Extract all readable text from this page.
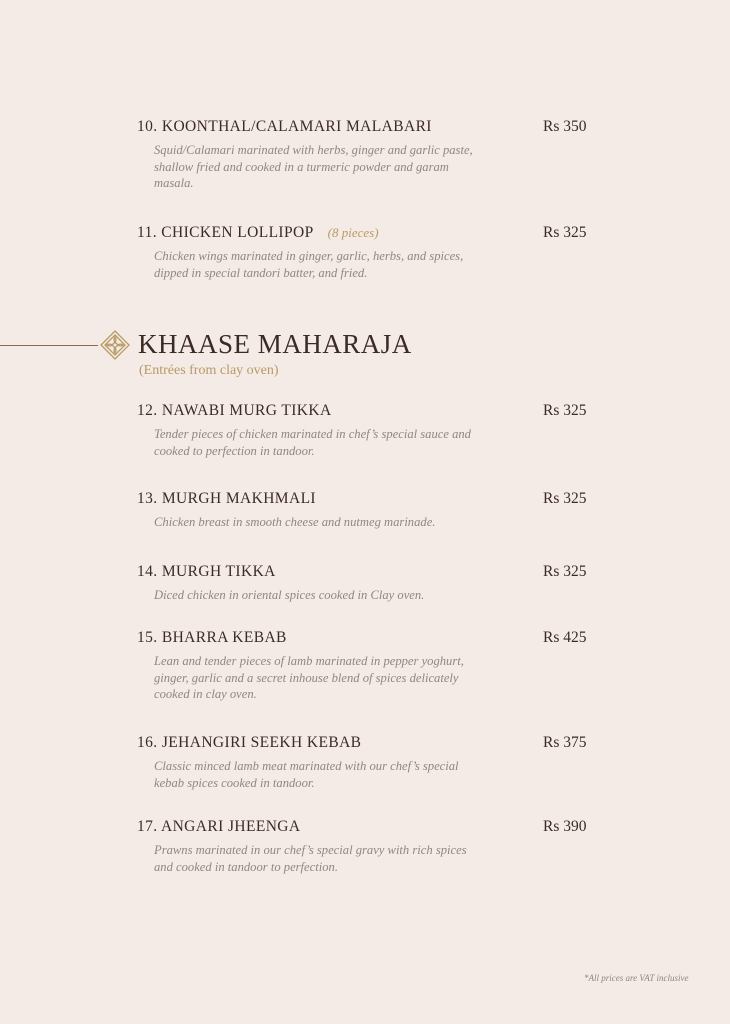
10. KOONTHAL/CALAMARI MALABARI	Rs 350
Squid/Calamari marinated with herbs, ginger and garlic paste, shallow fried and cooked in a turmeric powder and garam masala.
11. CHICKEN LOLLIPOP (8 pieces)	Rs 325
Chicken wings marinated in ginger, garlic, herbs, and spices, dipped in special tandori batter, and fried.
KHAASE MAHARAJA
(Entrées from clay oven)
12. NAWABI MURG TIKKA	Rs 325
Tender pieces of chicken marinated in chef’s special sauce and cooked to perfection in tandoor.
13. MURGH MAKHMALI	Rs 325
Chicken breast in smooth cheese and nutmeg marinade.
14. MURGH TIKKA	Rs 325
Diced chicken in oriental spices cooked in Clay oven.
15. BHARRA KEBAB	Rs 425
Lean and tender pieces of lamb marinated in pepper yoghurt, ginger, garlic and a secret inhouse blend of spices delicately cooked in clay oven.
16. JEHANGIRI SEEKH KEBAB	Rs 375
Classic minced lamb meat marinated with our chef’s special kebab spices cooked in tandoor.
17. ANGARI JHEENGA	Rs 390
Prawns marinated in our chef’s special gravy with rich spices and cooked in tandoor to perfection.
*All prices are VAT inclusive
